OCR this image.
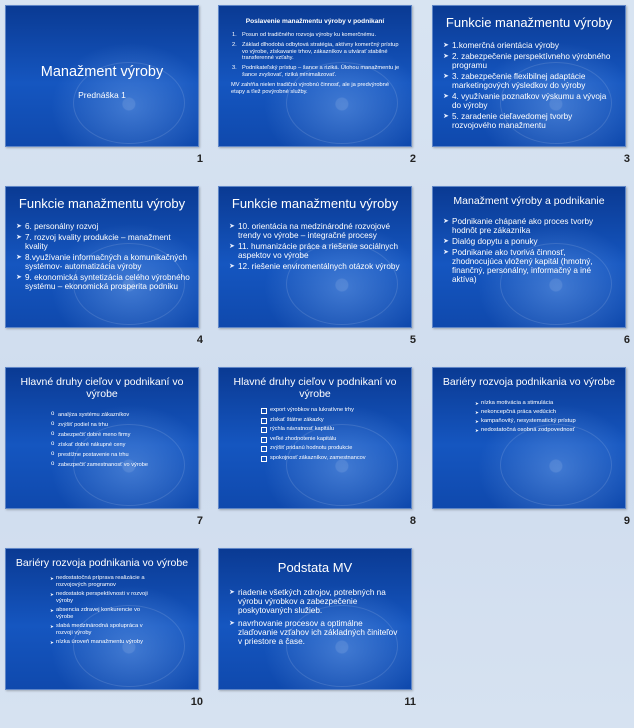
Manažment výroby
Prednáška 1
1
Poslavenie manažmentu výroby v podnikaní
1. Posun od tradičného rozvoja výroby ku komerčnému.
2. Základ dlhodobá odbytová stratégia, aktívny komerčný prístup vo výrobe, získavanie trhov, zákazníkov a utvárať stabilné transferenné vzťahy.
3. Podnikateľský prístup – šance a riziká. Úlohou manažmentu je šance zvyšovať, riziká minimalizovať.
MV zahŕňa nielen tradičnú výrobnú činnosť, ale ja predvýrobné etapy a ťiež povýrobné služby.
2
Funkcie manažmentu výroby
➤ 1.komerčná orientácia výroby
➤ 2. zabezpečenie perspektívneho výrobného programu
➤ 3. zabezpečenie flexibilnej adaptácie marketingových výsledkov do výroby
➤ 4. využívanie poznatkov výskumu a vývoja do výroby
➤ 5. zaradenie cieľavedomej tvorby rozvojového manažmentu
3
Funkcie manažmentu výroby
➤ 6. personálny rozvoj
➤ 7. rozvoj kvality produkcie – manažment kvality
➤ 8.využívanie informačných a komunikačných systémov- automatizácia výroby
➤ 9. ekonomická syntetizácia celého výrobného systému – ekonomická prosperita podniku
4
Funkcie manažmentu výroby
➤ 10. orientácia na medzinárodné rozvojové trendy vo výrobe – integračné procesy
➤ 11. humanizácie práce a riešenie sociálnych aspektov vo výrobe
➤ 12. riešenie enviromentálnych otázok výroby
5
Manažment výroby a podnikanie
➤ Podnikanie chápané ako proces tvorby hodnôt pre zákazníka
➤ Dialóg dopytu a ponuky
➤ Podnikanie ako tvorivá činnosť, zhodnocujúca vložený kapitál (hmotný, finančný, personálny, informačný a iné aktíva)
6
Hlavné druhy cieľov v podnikaní vo výrobe
o analýza systému zákazníkov
o zvýšiť podiel na trhu
o zabezpečiť dobré meno firmy
o získať dobré nákupné ceny
o prestížne postavenie na trhu
o zabezpečiť zamestnanosť vo výrobe
7
Hlavné druhy cieľov v podnikaní vo výrobe
export výrobkov na lukratívne trhy
získať štátne zákazky
rýchla návratnosť kapitálu
veľké zhodnotenie kapitálu
zvýšiť pridanú hodnotu produkcie
spokojnosť zákazníkov, zamestnancov
8
Bariéry rozvoja podnikania vo výrobe
➤ nízka motivácia a stimulácia
➤ nekoncepčná práca vedúcich
➤ kampaňovitý, nesystematický prístup
➤ nedostatočná osobná zodpovednosť
9
Bariéry rozvoja podnikania vo výrobe
➤ nedostatočná príprava realizácie a rozvojových programov
➤ nedostatok perspektívnosti v rozvoji výroby
➤ absencia zdravej konkurencie vo výrobe
➤ slabá medzinárodná spolupráca v rozvoji výroby
➤ nízka úroveň manažmentu výroby
10
Podstata MV
➤ riadenie všetkých zdrojov, potrebných na výrobu výrobkov a zabezpečenie poskytovaných služieb.
➤ navrhovanie procesov a optimálne zlaďovanie vzťahov ich základných činiteľov v priestore a čase.
11
